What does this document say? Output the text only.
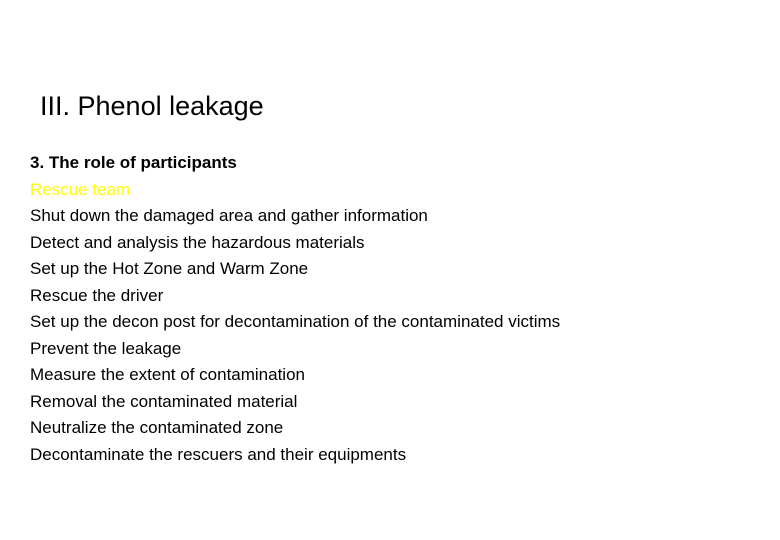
III. Phenol leakage
3. The role of participants
Rescue team
Shut down the damaged area and gather information
Detect and analysis the hazardous materials
Set up the Hot Zone and Warm Zone
Rescue the driver
Set up the decon post for decontamination of the contaminated victims
Prevent the leakage
Measure the extent of contamination
Removal the contaminated material
Neutralize the contaminated zone
Decontaminate the rescuers and their equipments
